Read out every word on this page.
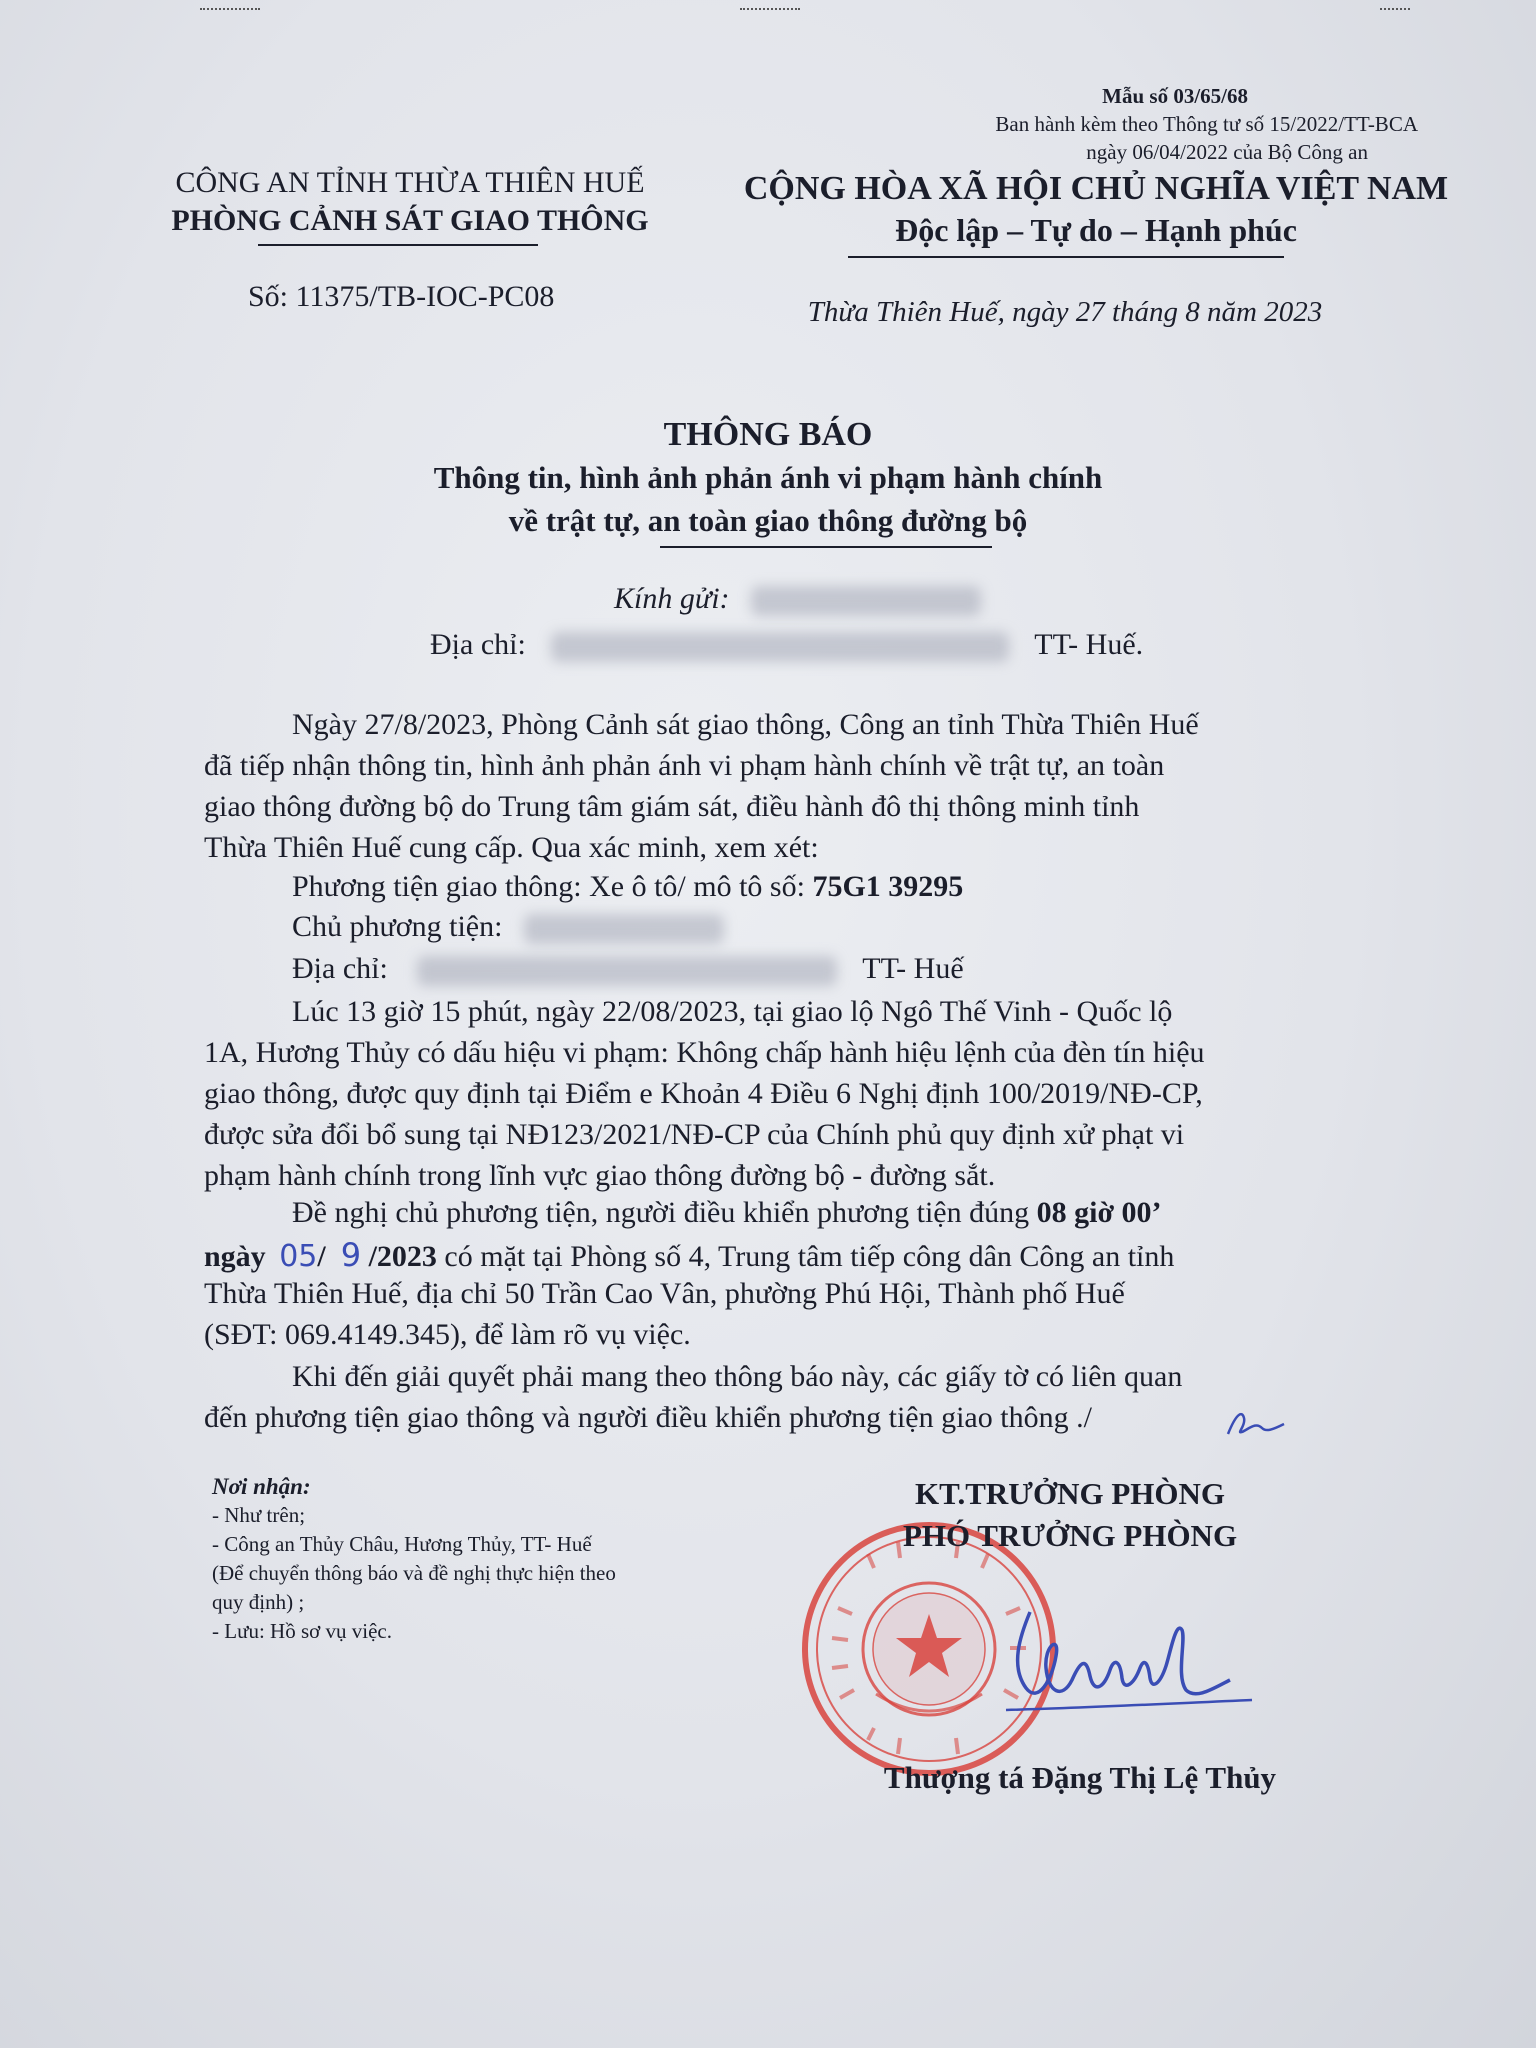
Mẫu số 03/65/68
Ban hành kèm theo Thông tư số 15/2022/TT-BCA
ngày 06/04/2022 của Bộ Công an
CÔNG AN TỈNH THỪA THIÊN HUẾ
PHÒNG CẢNH SÁT GIAO THÔNG
Số: 11375/TB-IOC-PC08
CỘNG HÒA XÃ HỘI CHỦ NGHĨA VIỆT NAM
Độc lập – Tự do – Hạnh phúc
Thừa Thiên Huế, ngày 27 tháng 8 năm 2023
THÔNG BÁO
Thông tin, hình ảnh phản ánh vi phạm hành chính
về trật tự, an toàn giao thông đường bộ
Kính gửi:
Địa chỉ:	TT- Huế.
Ngày 27/8/2023, Phòng Cảnh sát giao thông, Công an tỉnh Thừa Thiên Huế
đã tiếp nhận thông tin, hình ảnh phản ánh vi phạm hành chính về trật tự, an toàn
giao thông đường bộ do Trung tâm giám sát, điều hành đô thị thông minh tỉnh
Thừa Thiên Huế cung cấp. Qua xác minh, xem xét:
Phương tiện giao thông: Xe ô tô/ mô tô số: 75G1 39295
Chủ phương tiện:
Địa chỉ:	TT- Huế
Lúc 13 giờ 15 phút, ngày 22/08/2023, tại giao lộ Ngô Thế Vinh - Quốc lộ
1A, Hương Thủy có dấu hiệu vi phạm: Không chấp hành hiệu lệnh của đèn tín hiệu
giao thông, được quy định tại Điểm e Khoản 4 Điều 6 Nghị định 100/2019/NĐ-CP,
được sửa đổi bổ sung tại NĐ123/2021/NĐ-CP của Chính phủ quy định xử phạt vi
phạm hành chính trong lĩnh vực giao thông đường bộ - đường sắt.
Đề nghị chủ phương tiện, người điều khiển phương tiện đúng 08 giờ 00’
ngày 05/  9 /2023 có mặt tại Phòng số 4, Trung tâm tiếp công dân Công an tỉnh
Thừa Thiên Huế, địa chỉ 50 Trần Cao Vân, phường Phú Hội, Thành phố Huế
(SĐT: 069.4149.345), để làm rõ vụ việc.
Khi đến giải quyết phải mang theo thông báo này, các giấy tờ có liên quan
đến phương tiện giao thông và người điều khiển phương tiện giao thông ./
Nơi nhận:
- Như trên;
- Công an Thủy Châu, Hương Thủy, TT- Huế
(Để chuyển thông báo và đề nghị thực hiện theo
quy định) ;
- Lưu: Hồ sơ vụ việc.
KT.TRƯỞNG PHÒNG
PHÓ TRƯỞNG PHÒNG
Thượng tá Đặng Thị Lệ Thủy
